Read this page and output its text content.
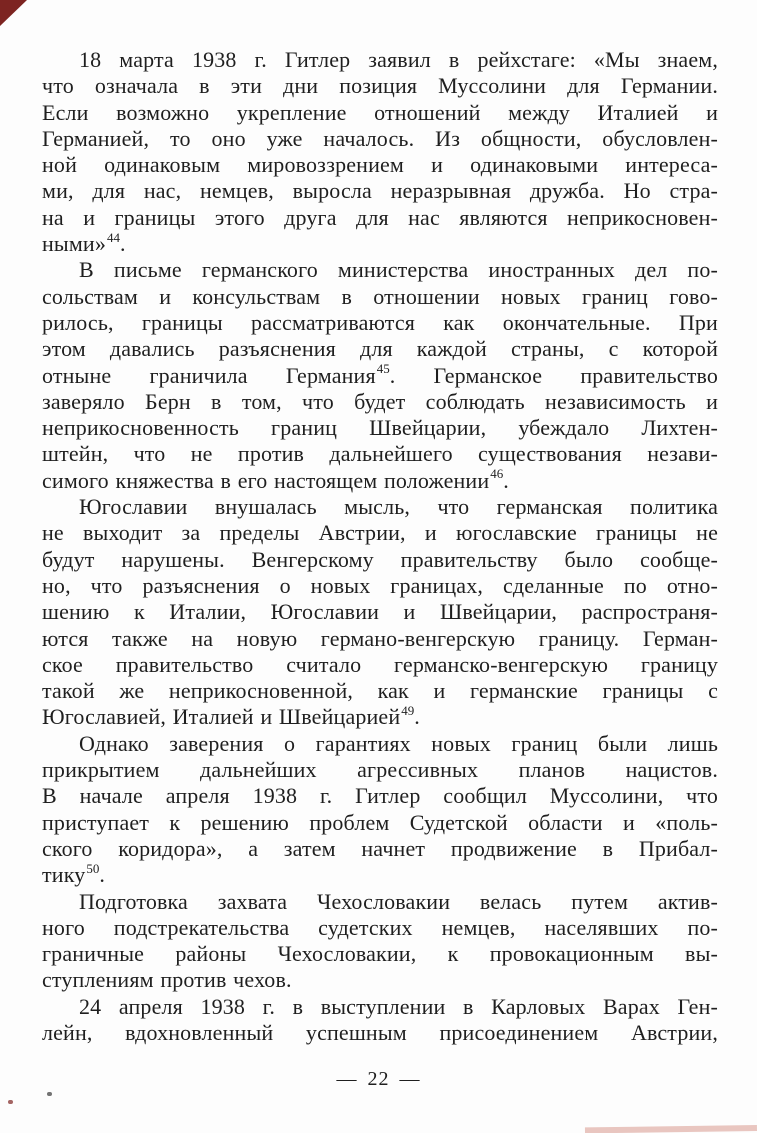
18 марта 1938 г. Гитлер заявил в рейхстаге: «Мы знаем,
что означала в эти дни позиция Муссолини для Германии.
Если возможно укрепление отношений между Италией и
Германией, то оно уже началось. Из общности, обусловлен-
ной одинаковым мировоззрением и одинаковыми интереса-
ми, для нас, немцев, выросла неразрывная дружба. Но стра-
на и границы этого друга для нас являются неприкосновен-
ными»$^{44}$.
В письме германского министерства иностранных дел по-
сольствам и консульствам в отношении новых границ гово-
рилось, границы рассматриваются как окончательные. При
этом давались разъяснения для каждой страны, с которой
отныне граничила Германия$^{45}$. Германское правительство
заверяло Берн в том, что будет соблюдать независимость и
неприкосновенность границ Швейцарии, убеждало Лихтен-
штейн, что не против дальнейшего существования незави-
симого княжества в его настоящем положении$^{46}$.
Югославии внушалась мысль, что германская политика
не выходит за пределы Австрии, и югославские границы не
будут нарушены. Венгерскому правительству было сообще-
но, что разъяснения о новых границах, сделанные по отно-
шению к Италии, Югославии и Швейцарии, распространя-
ются также на новую германо-венгерскую границу. Герман-
ское правительство считало германско-венгерскую границу
такой же неприкосновенной, как и германские границы с
Югославией, Италией и Швейцарией$^{49}$.
Однако заверения о гарантиях новых границ были лишь
прикрытием дальнейших агрессивных планов нацистов.
В начале апреля 1938 г. Гитлер сообщил Муссолини, что
приступает к решению проблем Судетской области и «поль-
ского коридора», а затем начнет продвижение в Прибал-
тику$^{50}$.
Подготовка захвата Чехословакии велась путем актив-
ного подстрекательства судетских немцев, населявших по-
граничные районы Чехословакии, к провокационным вы-
ступлениям против чехов.
24 апреля 1938 г. в выступлении в Карловых Варах Ген-
лейн, вдохновленный успешным присоединением Австрии,
— 22 —
